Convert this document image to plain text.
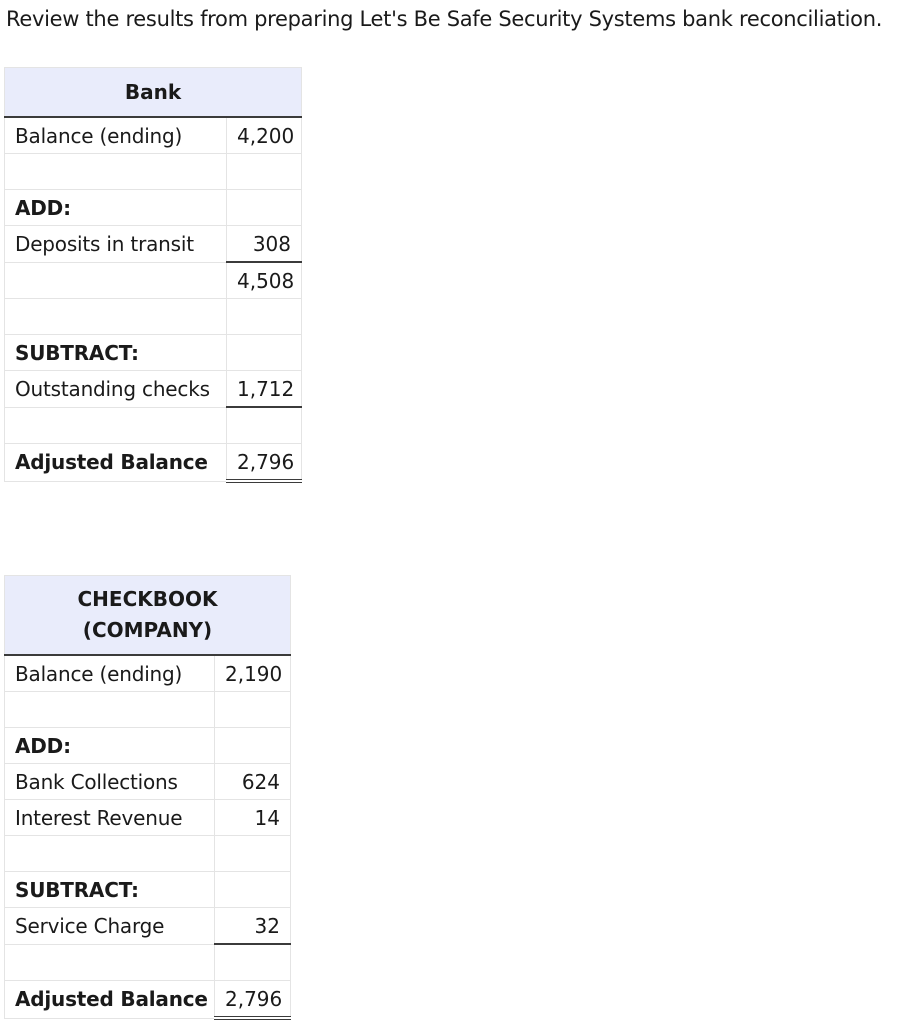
Review the results from preparing Let's Be Safe Security Systems bank reconciliation.
Bank	
Balance (ending)	4,200

ADD:	
Deposits in transit	308
	4,508

SUBTRACT:	
Outstanding checks	1,712

Adjusted Balance	2,796
CHECKBOOK
(COMPANY)	
Balance (ending)	2,190

ADD:	
Bank Collections	624
Interest Revenue	14

SUBTRACT:	
Service Charge	32

Adjusted Balance	2,796
